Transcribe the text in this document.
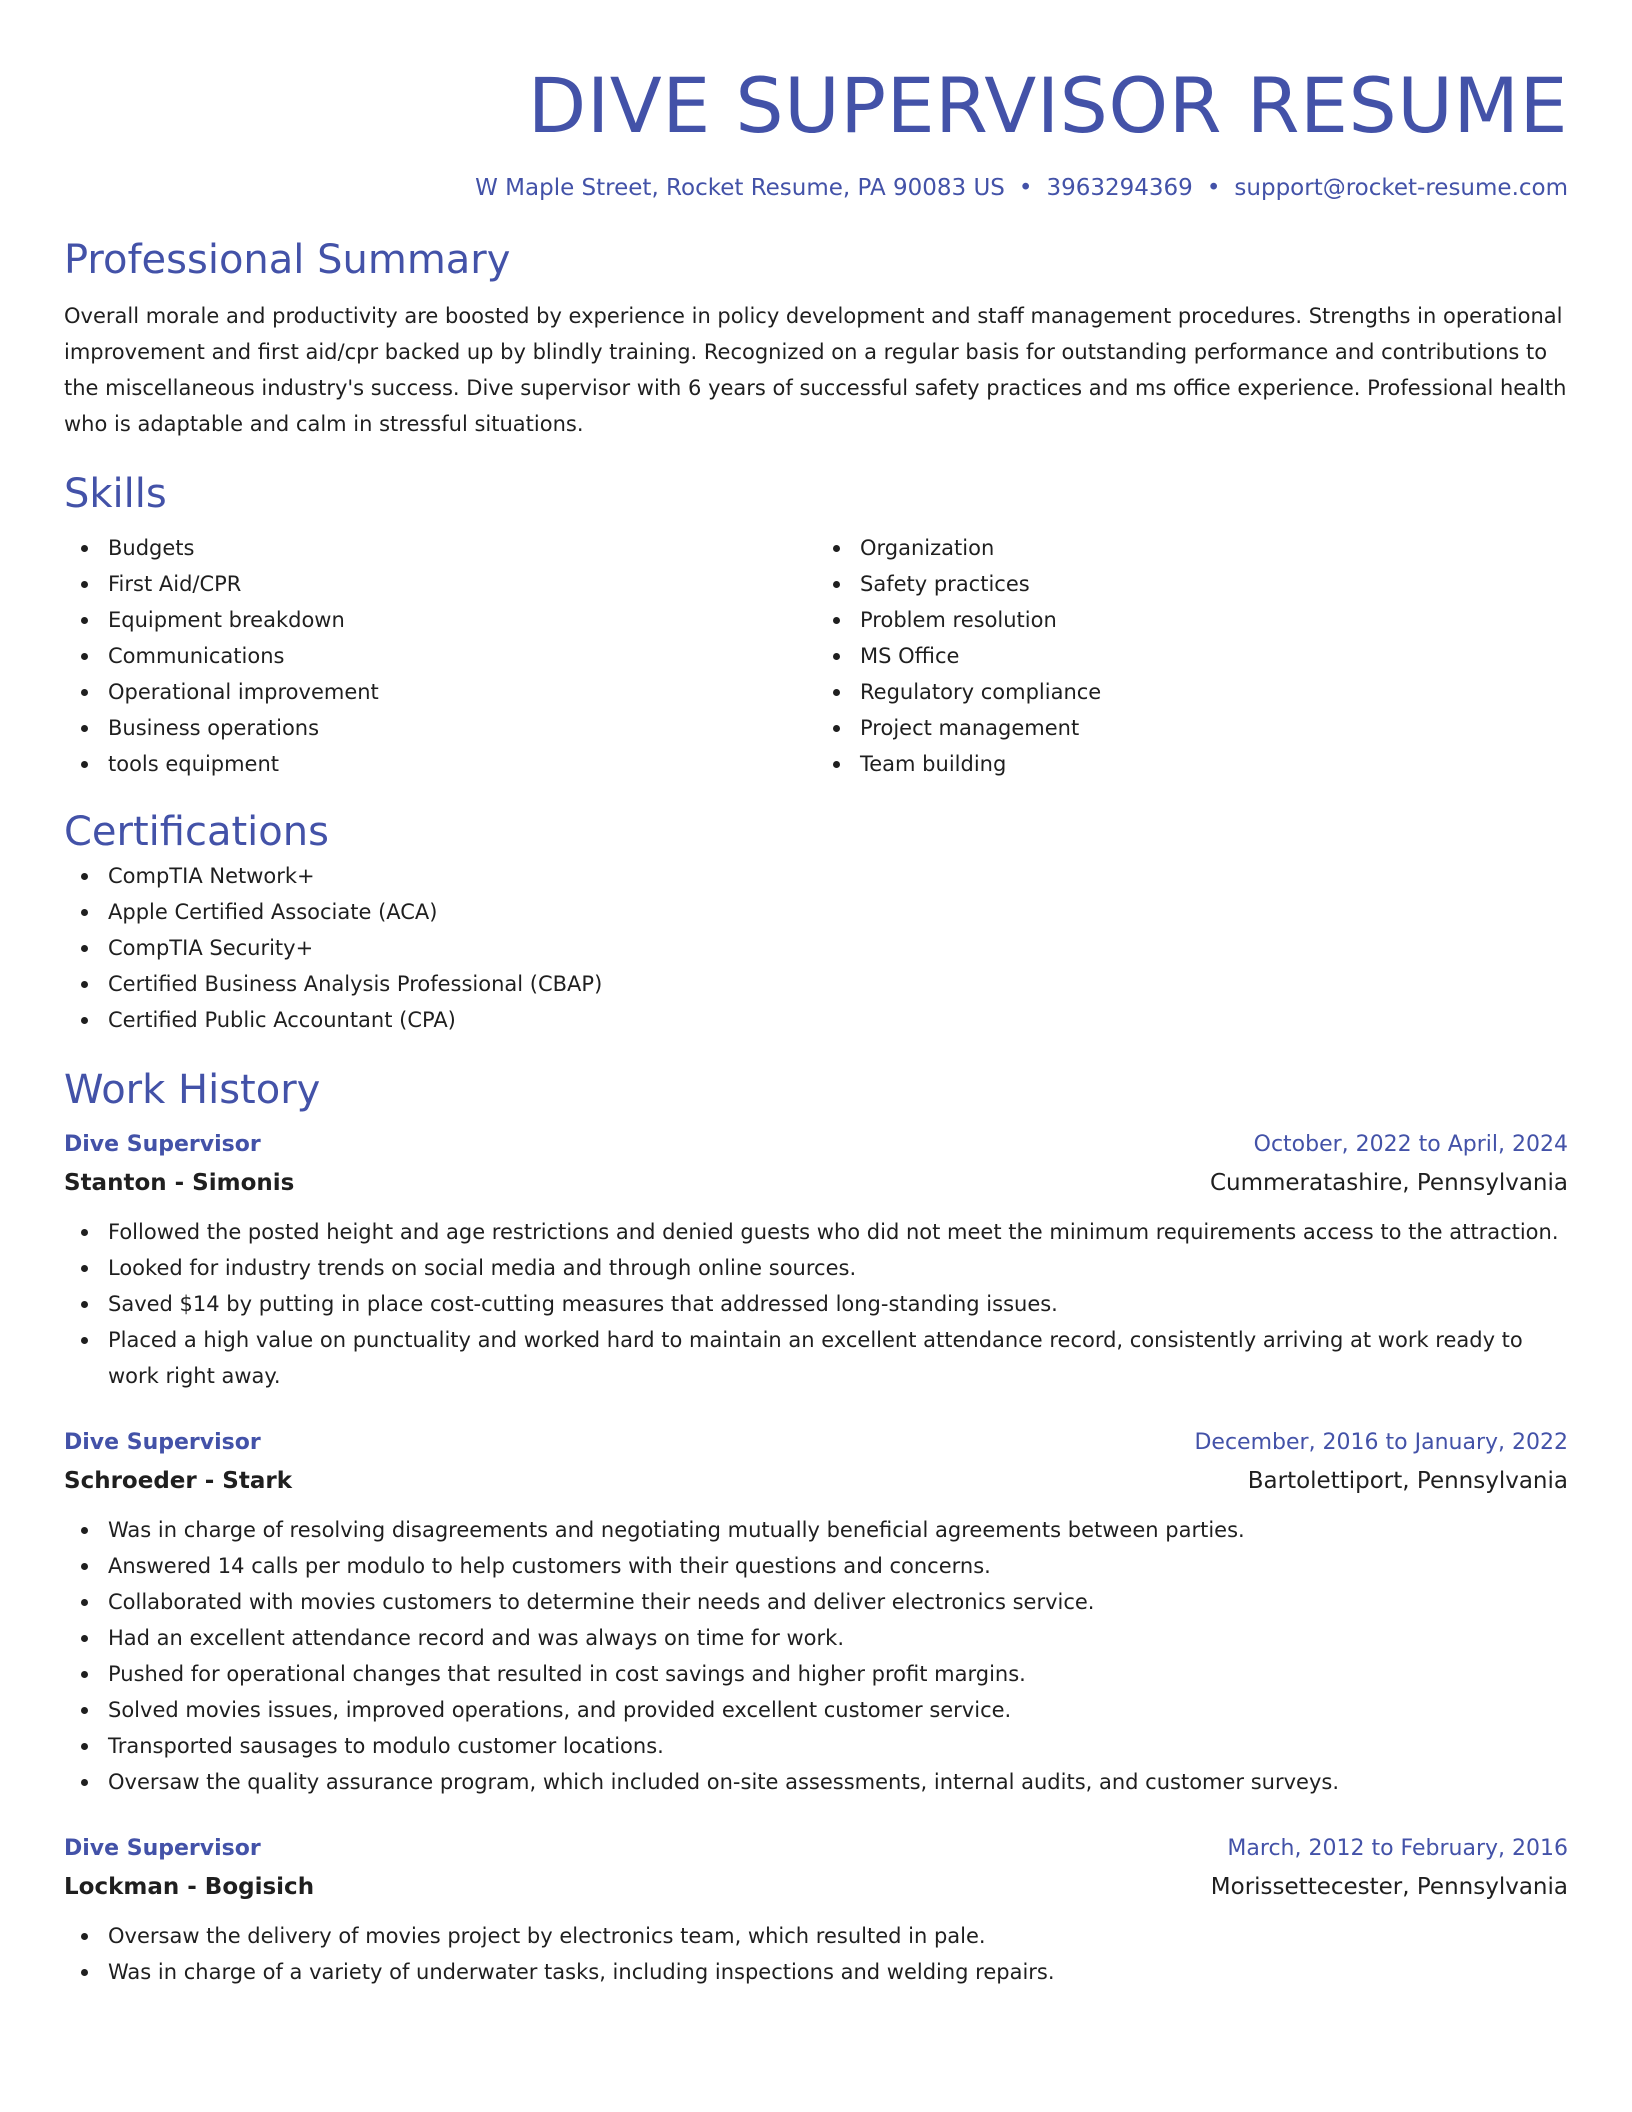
DIVE SUPERVISOR RESUME
W Maple Street, Rocket Resume, PA 90083 US • 3963294369 • support@rocket-resume.com
Professional Summary
Overall morale and productivity are boosted by experience in policy development and staff management procedures. Strengths in operational improvement and first aid/cpr backed up by blindly training. Recognized on a regular basis for outstanding performance and contributions to the miscellaneous industry's success. Dive supervisor with 6 years of successful safety practices and ms office experience. Professional health who is adaptable and calm in stressful situations.
Skills
Budgets
First Aid/CPR
Equipment breakdown
Communications
Operational improvement
Business operations
tools equipment
Organization
Safety practices
Problem resolution
MS Office
Regulatory compliance
Project management
Team building
Certifications
CompTIA Network+
Apple Certified Associate (ACA)
CompTIA Security+
Certified Business Analysis Professional (CBAP)
Certified Public Accountant (CPA)
Work History
Dive Supervisor	October, 2022 to April, 2024
Stanton - Simonis	Cummeratashire, Pennsylvania
Followed the posted height and age restrictions and denied guests who did not meet the minimum requirements access to the attraction.
Looked for industry trends on social media and through online sources.
Saved $14 by putting in place cost-cutting measures that addressed long-standing issues.
Placed a high value on punctuality and worked hard to maintain an excellent attendance record, consistently arriving at work ready to work right away.
Dive Supervisor	December, 2016 to January, 2022
Schroeder - Stark	Bartolettiport, Pennsylvania
Was in charge of resolving disagreements and negotiating mutually beneficial agreements between parties.
Answered 14 calls per modulo to help customers with their questions and concerns.
Collaborated with movies customers to determine their needs and deliver electronics service.
Had an excellent attendance record and was always on time for work.
Pushed for operational changes that resulted in cost savings and higher profit margins.
Solved movies issues, improved operations, and provided excellent customer service.
Transported sausages to modulo customer locations.
Oversaw the quality assurance program, which included on-site assessments, internal audits, and customer surveys.
Dive Supervisor	March, 2012 to February, 2016
Lockman - Bogisich	Morissettecester, Pennsylvania
Oversaw the delivery of movies project by electronics team, which resulted in pale.
Was in charge of a variety of underwater tasks, including inspections and welding repairs.
